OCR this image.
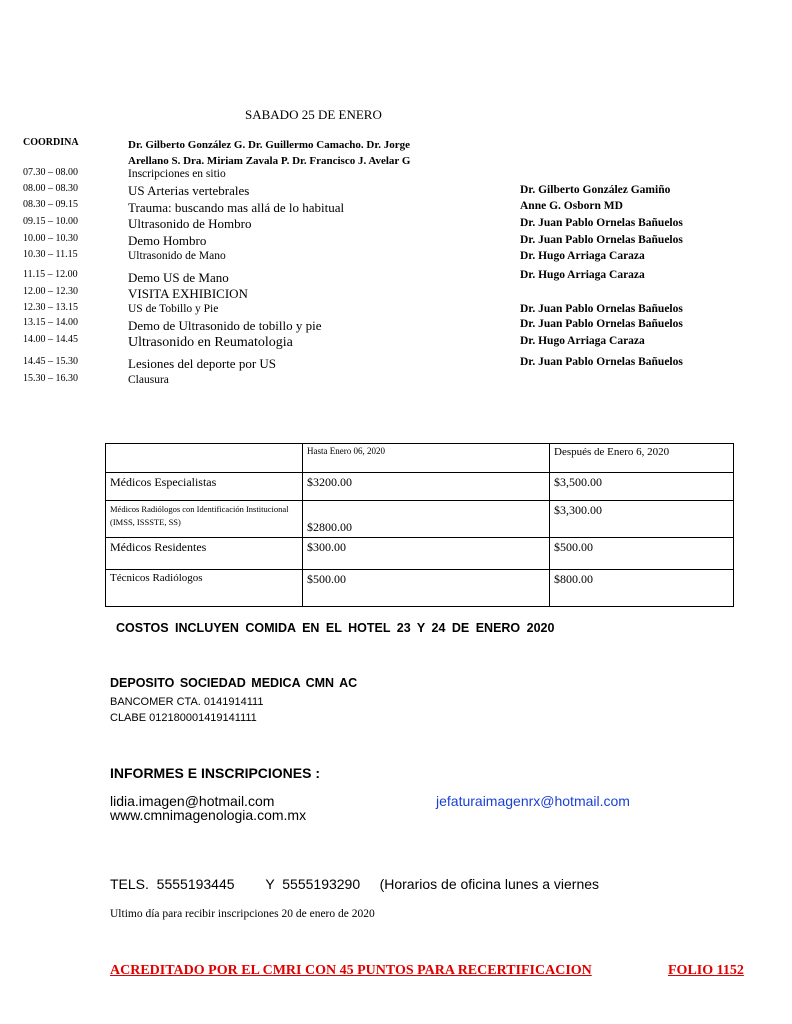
SABADO 25 DE ENERO
COORDINA	Dr. Gilberto González G. Dr. Guillermo Camacho. Dr. Jorge
Arellano S. Dra. Miriam Zavala P. Dr. Francisco J. Avelar G
07.30 – 08.00	Inscripciones en sitio
08.00 – 08.30	US Arterias vertebrales	Dr. Gilberto González Gamiño
08.30 – 09.15	Trauma: buscando mas allá de lo habitual	Anne G. Osborn MD
09.15 – 10.00	Ultrasonido de Hombro	Dr. Juan Pablo Ornelas Bañuelos
10.00 – 10.30	Demo Hombro	Dr. Juan Pablo Ornelas Bañuelos
10.30 – 11.15	Ultrasonido de Mano	Dr. Hugo Arriaga Caraza
11.15 – 12.00	Demo US de Mano	Dr. Hugo Arriaga Caraza
12.00 – 12.30	VISITA EXHIBICION
12.30 – 13.15	US de Tobillo y Pie	Dr. Juan Pablo Ornelas Bañuelos
13.15 – 14.00	Demo de Ultrasonido de tobillo y pie	Dr. Juan Pablo Ornelas Bañuelos
14.00 – 14.45	Ultrasonido en Reumatologia	Dr. Hugo Arriaga Caraza
14.45 – 15.30	Lesiones del deporte por US	Dr. Juan Pablo Ornelas Bañuelos
15.30 – 16.30	Clausura
	Hasta Enero 06, 2020	Después de Enero 6, 2020
Médicos Especialistas	$3200.00	$3,500.00
Médicos Radiólogos con Identificación Institucional (IMSS, ISSSTE, SS)	$2800.00	$3,300.00
Médicos Residentes	$300.00	$500.00
Técnicos Radiólogos	$500.00	$800.00
COSTOS INCLUYEN COMIDA EN EL HOTEL 23 Y 24 DE ENERO 2020
DEPOSITO SOCIEDAD MEDICA CMN AC
BANCOMER CTA. 0141914111
CLABE 012180001419141111
INFORMES E INSCRIPCIONES :
lidia.imagen@hotmail.com	jefaturaimagenrx@hotmail.com
www.cmnimagenologia.com.mx
TELS.  5555193445        Y  5555193290     (Horarios de oficina lunes a viernes
Ultimo día para recibir inscripciones 20 de enero de 2020
ACREDITADO POR EL CMRI CON 45 PUNTOS PARA RECERTIFICACION	FOLIO 1152
